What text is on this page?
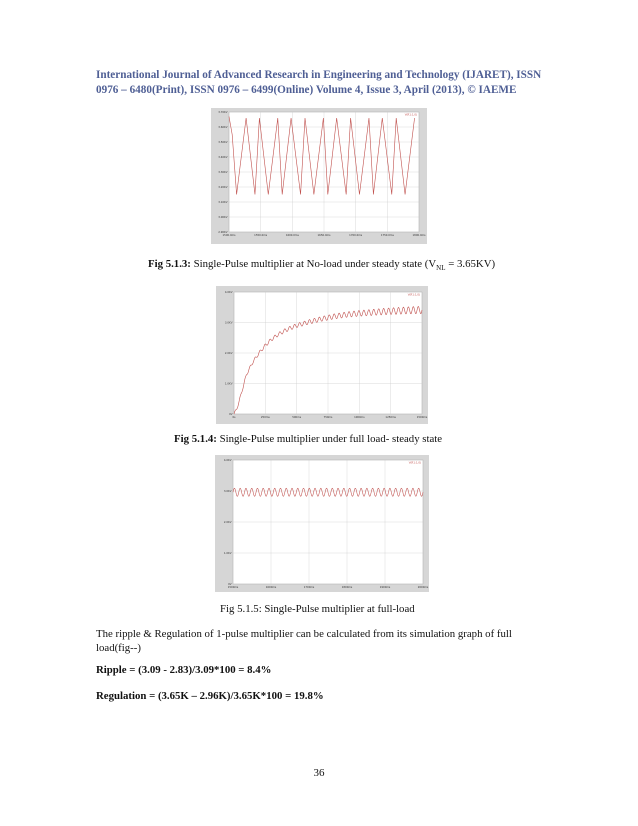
International Journal of Advanced Research in Engineering and Technology (IJARET), ISSN
0976 – 6480(Print), ISSN 0976 – 6499(Online) Volume 4, Issue 3, April (2013), © IAEME
3.70KV
3.60KV
3.50KV
3.40KV
3.30KV
3.20KV
3.10KV
3.00KV
2.90KV
1500.0ms	1550.0ms	1600.0ms	1650.0ms	1700.0ms	1750.0ms	1800.0ms
V(R1:1,0)
Fig 5.1.3: Single-Pulse multiplier at No-load under steady state $(V_{NL} = 3.65KV)$
4.0KV
3.0KV
2.0KV
1.0KV
0V
0s	250ms	500ms	750ms	1000ms	1250ms	1500ms
V(R1:1,0)
Fig 5.1.4: Single-Pulse multiplier under full load- steady state
4.0KV
3.0KV
2.0KV
1.0KV
0V
1500ms	1600ms	1700ms	1800ms	1900ms	2000ms
V(R1:1,0)
Fig 5.1.5: Single-Pulse multiplier at full-load
The ripple & Regulation of 1-pulse multiplier can be calculated from its simulation graph of full load(fig--)
Ripple = (3.09 - 2.83)/3.09*100 = 8.4%
Regulation = (3.65K – 2.96K)/3.65K*100 = 19.8%
36
